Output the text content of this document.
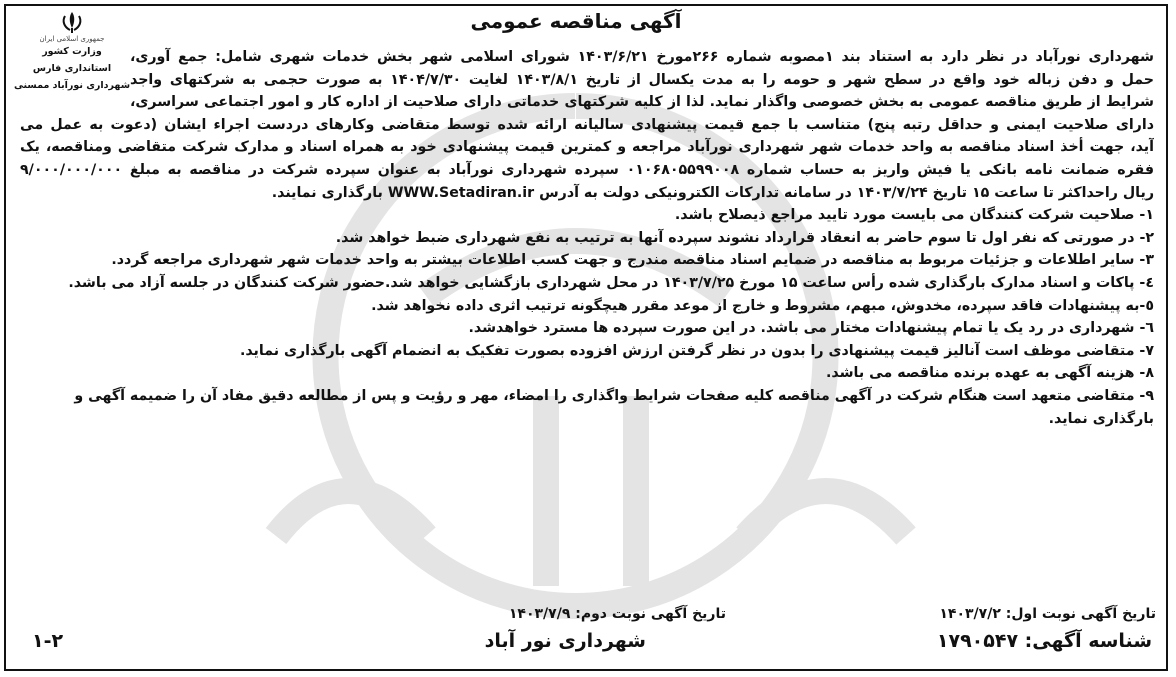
جمهوری اسلامی ایران
وزارت کشور
استانداری فارس
شهرداری نورآباد ممسنی
آگهی مناقصه عمومی
شهرداری نورآباد در نظر دارد به استناد بند ۱مصوبه شماره ۲۶۶مورخ ۱۴۰۳/۶/۲۱ شورای اسلامی شهر بخش خدمات شهری شامل: جمع آوری،
حمل و دفن زباله خود واقع در سطح شهر و حومه را به مدت یکسال از تاریخ ۱۴۰۳/۸/۱ لغایت ۱۴۰۴/۷/۳۰ به صورت حجمی به شرکتهای واجد
شرایط از طریق مناقصه عمومی به بخش خصوصی واگذار نماید. لذا از کلیه شرکتهای خدماتی دارای صلاحیت از اداره کار و امور اجتماعی سراسری،
دارای صلاحیت ایمنی و حداقل رتبه پنج) متناسب با جمع قیمت پیشنهادی سالیانه ارائه شده توسط متقاضی وکارهای دردست اجراء ایشان (دعوت به عمل می
آید، جهت أخذ اسناد مناقصه به واحد خدمات شهر شهرداری نورآباد مراجعه و کمترین قیمت پیشنهادی خود به همراه اسناد و مدارک شرکت متقاضی ومناقصه، یک
فقره ضمانت نامه بانکی یا فیش واریز به حساب شماره ۰۱۰۶۸۰۵۵۹۹۰۰۸ سپرده شهرداری نورآباد به عنوان سپرده شرکت در مناقصه به مبلغ ۹/۰۰۰/۰۰۰/۰۰۰
ریال راحداکثر تا ساعت ۱۵ تاریخ ۱۴۰۳/۷/۲۴ در سامانه تدارکات الکترونیکی دولت به آدرس WWW.Setadiran.ir بارگذاری نمایند.
۱- صلاحیت شرکت کنندگان می بایست مورد تایید مراجع ذیصلاح باشد.
۲- در صورتی که نفر اول تا سوم حاضر به انعقاد قرارداد نشوند سپرده آنها به ترتیب به نفع شهرداری ضبط خواهد شد.
۳- سایر اطلاعات و جزئیات مربوط به مناقصه در ضمایم اسناد مناقصه مندرج و جهت کسب اطلاعات بیشتر به واحد خدمات شهر شهرداری مراجعه گردد.
٤- پاکات و اسناد مدارک بارگذاری شده رأس ساعت ۱۵ مورخ ۱۴۰۳/۷/۲۵ در محل شهرداری بازگشایی خواهد شد.حضور شرکت کنندگان در جلسه آزاد می باشد.
٥-به پیشنهادات فاقد سپرده، مخدوش، مبهم، مشروط و خارج از موعد مقرر هیچگونه ترتیب اثری داده نخواهد شد.
٦- شهرداری در رد یک یا تمام پیشنهادات مختار می باشد. در این صورت سپرده ها مسترد خواهدشد.
۷- متقاضی موظف است آنالیز قیمت پیشنهادی را بدون در نظر گرفتن ارزش افزوده بصورت تفکیک به انضمام آگهی بارگذاری نماید.
۸- هزینه آگهی به عهده برنده مناقصه می باشد.
۹- متقاضی متعهد است هنگام شرکت در آگهی مناقصه کلیه صفحات شرایط واگذاری را امضاء، مهر و رؤیت و پس از مطالعه دقیق مفاد آن را ضمیمه آگهی و
بارگذاری نماید.
تاریخ آگهی نوبت اول: ۱۴۰۳/۷/۲
تاریخ آگهی نوبت دوم: ۱۴۰۳/۷/۹
شناسه آگهی: ۱۷۹۰۵۴۷
شهرداری نور آباد
۱-۲
